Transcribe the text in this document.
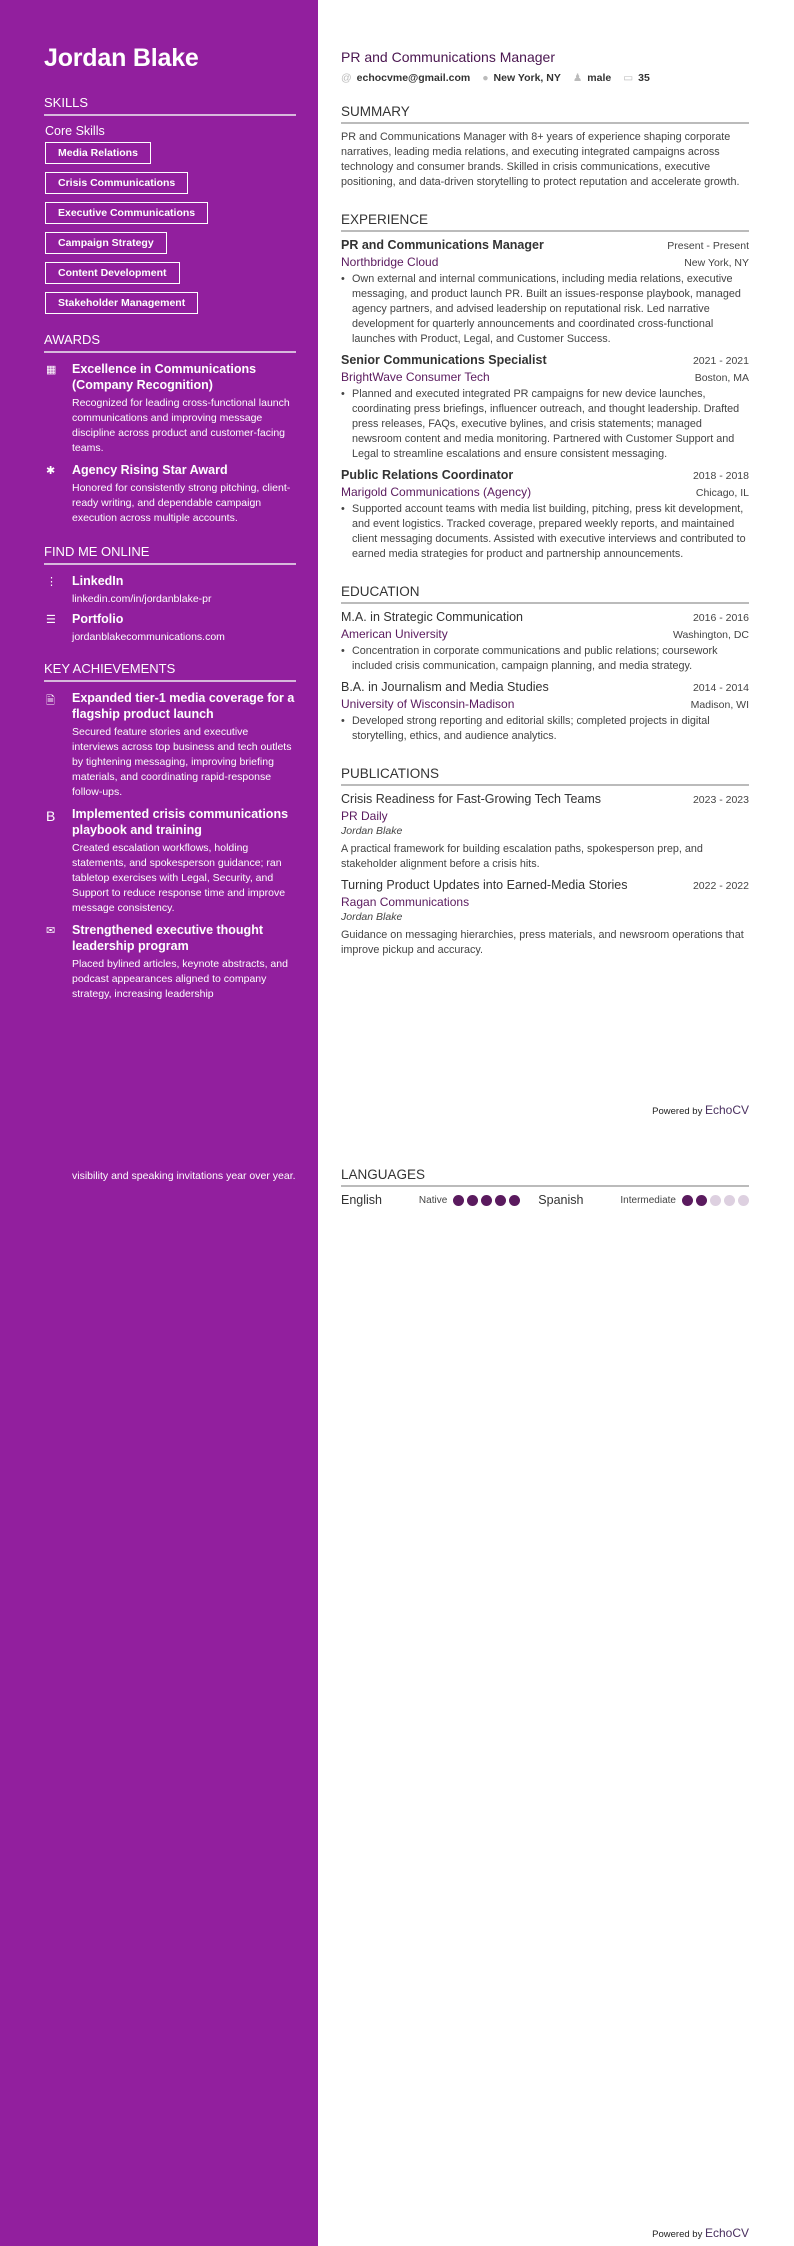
Jordan Blake
SKILLS
Core Skills
Media Relations
Crisis Communications
Executive Communications
Campaign Strategy
Content Development
Stakeholder Management
AWARDS
▦	Excellence in Communications (Company Recognition)
Recognized for leading cross-functional launch communications and improving message discipline across product and customer-facing teams.
✱	Agency Rising Star Award
Honored for consistently strong pitching, client-ready writing, and dependable campaign execution across multiple accounts.
FIND ME ONLINE
⋮	LinkedIn
linkedin.com/in/jordanblake-pr
☰	Portfolio
jordanblakecommunications.com
KEY ACHIEVEMENTS
🗎	Expanded tier-1 media coverage for a flagship product launch
Secured feature stories and executive interviews across top business and tech outlets by tightening messaging, improving briefing materials, and coordinating rapid-response follow-ups.
B	Implemented crisis communications playbook and training
Created escalation workflows, holding statements, and spokesperson guidance; ran tabletop exercises with Legal, Security, and Support to reduce response time and improve message consistency.
✉	Strengthened executive thought leadership program
Placed bylined articles, keynote abstracts, and podcast appearances aligned to company strategy, increasing leadership
PR and Communications Manager
@ echocvme@gmail.com ● New York, NY ♟ male ▭ 35
SUMMARY
PR and Communications Manager with 8+ years of experience shaping corporate narratives, leading media relations, and executing integrated campaigns across technology and consumer brands. Skilled in crisis communications, executive positioning, and data-driven storytelling to protect reputation and accelerate growth.
EXPERIENCE
PR and Communications Manager	Present - Present
Northbridge Cloud	New York, NY
• Own external and internal communications, including media relations, executive messaging, and product launch PR. Built an issues-response playbook, managed agency partners, and advised leadership on reputational risk. Led narrative development for quarterly announcements and coordinated cross-functional launches with Product, Legal, and Customer Success.
Senior Communications Specialist	2021 - 2021
BrightWave Consumer Tech	Boston, MA
• Planned and executed integrated PR campaigns for new device launches, coordinating press briefings, influencer outreach, and thought leadership. Drafted press releases, FAQs, executive bylines, and crisis statements; managed newsroom content and media monitoring. Partnered with Customer Support and Legal to streamline escalations and ensure consistent messaging.
Public Relations Coordinator	2018 - 2018
Marigold Communications (Agency)	Chicago, IL
• Supported account teams with media list building, pitching, press kit development, and event logistics. Tracked coverage, prepared weekly reports, and maintained client messaging documents. Assisted with executive interviews and contributed to earned media strategies for product and partnership announcements.
EDUCATION
M.A. in Strategic Communication	2016 - 2016
American University	Washington, DC
• Concentration in corporate communications and public relations; coursework included crisis communication, campaign planning, and media strategy.
B.A. in Journalism and Media Studies	2014 - 2014
University of Wisconsin-Madison	Madison, WI
• Developed strong reporting and editorial skills; completed projects in digital storytelling, ethics, and audience analytics.
PUBLICATIONS
Crisis Readiness for Fast-Growing Tech Teams	2023 - 2023
PR Daily
Jordan Blake
A practical framework for building escalation paths, spokesperson prep, and stakeholder alignment before a crisis hits.
Turning Product Updates into Earned-Media Stories	2022 - 2022
Ragan Communications
Jordan Blake
Guidance on messaging hierarchies, press materials, and newsroom operations that improve pickup and accuracy.
Powered by EchoCV
visibility and speaking invitations year over year.	LANGUAGES
English	Native	Spanish	Intermediate
Powered by EchoCV
